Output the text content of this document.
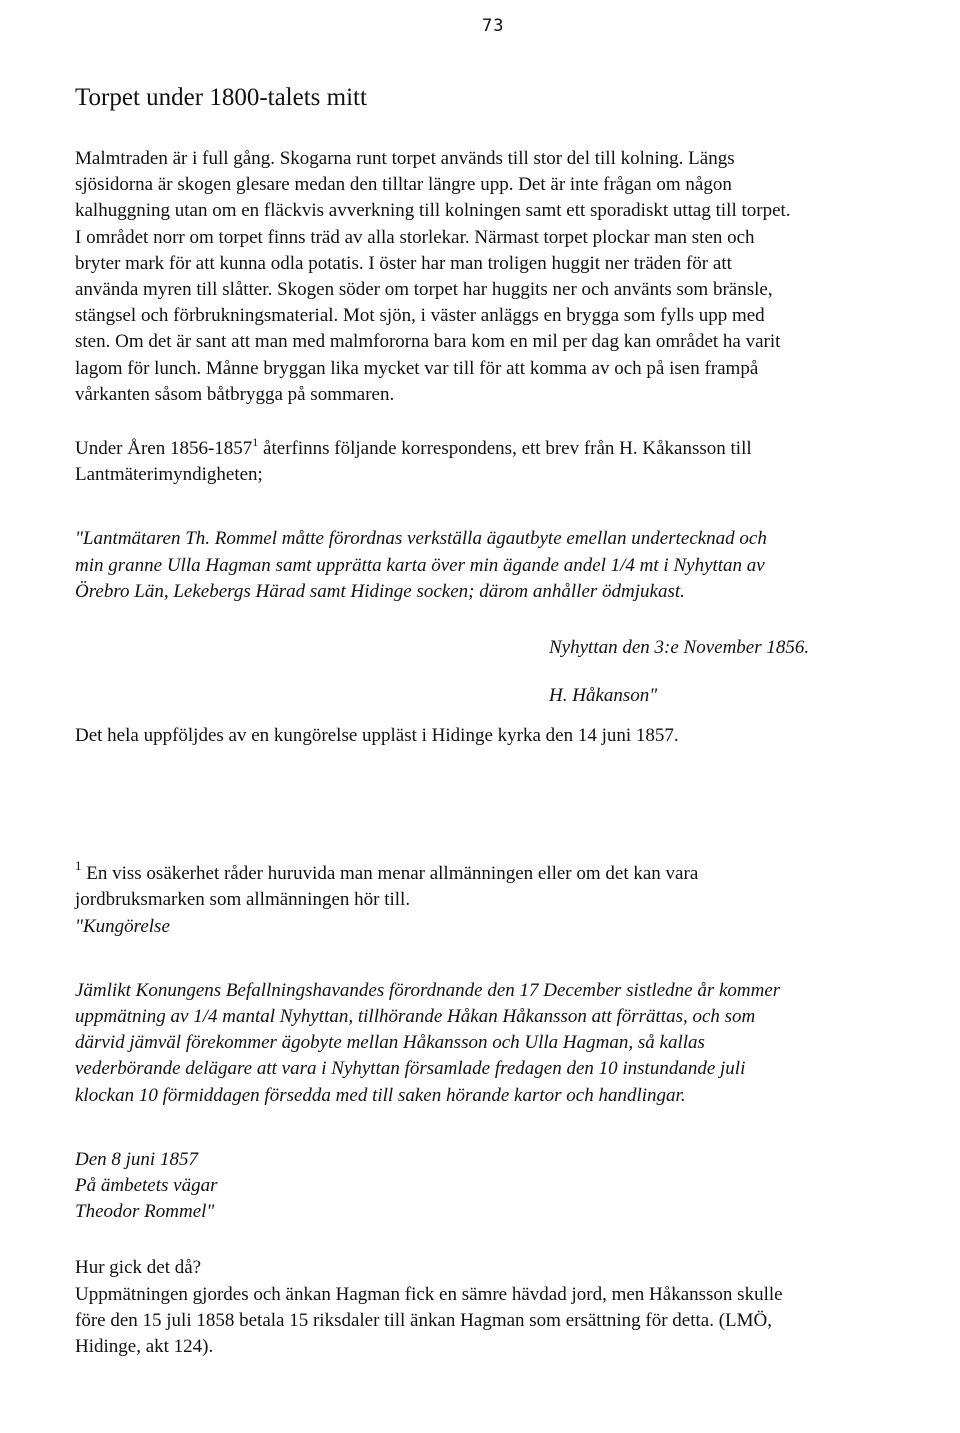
73
Torpet under 1800-talets mitt

Malmtraden är i full gång. Skogarna runt torpet används till stor del till kolning. Längs
sjösidorna är skogen glesare medan den tilltar längre upp. Det är inte frågan om någon
kalhuggning utan om en fläckvis avverkning till kolningen samt ett sporadiskt uttag till torpet.
I området norr om torpet finns träd av alla storlekar. Närmast torpet plockar man sten och
bryter mark för att kunna odla potatis. I öster har man troligen huggit ner träden för att
använda myren till slåtter. Skogen söder om torpet har huggits ner och använts som bränsle,
stängsel och förbrukningsmaterial. Mot sjön, i väster anläggs en brygga som fylls upp med
sten. Om det är sant att man med malmfororna bara kom en mil per dag kan området ha varit
lagom för lunch. Månne bryggan lika mycket var till för att komma av och på isen frampå
vårkanten såsom båtbrygga på sommaren.

Under Åren 1856-1857$^1$ återfinns följande korrespondens, ett brev från H. Kåkansson till
Lantmäterimyndigheten;

"Lantmätaren Th. Rommel måtte förordnas verkställa ägautbyte emellan undertecknad och
min granne Ulla Hagman samt upprätta karta över min ägande andel 1/4 mt i Nyhyttan av
Örebro Län, Lekebergs Härad samt Hidinge socken; därom anhåller ödmjukast.

Nyhyttan den 3:e November 1856.
H. Håkanson"

Det hela uppföljdes av en kungörelse uppläst i Hidinge kyrka den 14 juni 1857.

$^1$ En viss osäkerhet råder huruvida man menar allmänningen eller om det kan vara
jordbruksmarken som allmänningen hör till.

"Kungörelse

Jämlikt Konungens Befallningshavandes förordnande den 17 December sistledne år kommer
uppmätning av 1/4 mantal Nyhyttan, tillhörande Håkan Håkansson att förrättas, och som
därvid jämväl förekommer ägobyte mellan Håkansson och Ulla Hagman, så kallas
vederbörande delägare att vara i Nyhyttan församlade fredagen den 10 instundande juli
klockan 10 förmiddagen försedda med till saken hörande kartor och handlingar.

Den 8 juni 1857
På ämbetets vägar
Theodor Rommel"

Hur gick det då?

Uppmätningen gjordes och änkan Hagman fick en sämre hävdad jord, men Håkansson skulle
före den 15 juli 1858 betala 15 riksdaler till änkan Hagman som ersättning för detta. (LMÖ,
Hidinge, akt 124).
